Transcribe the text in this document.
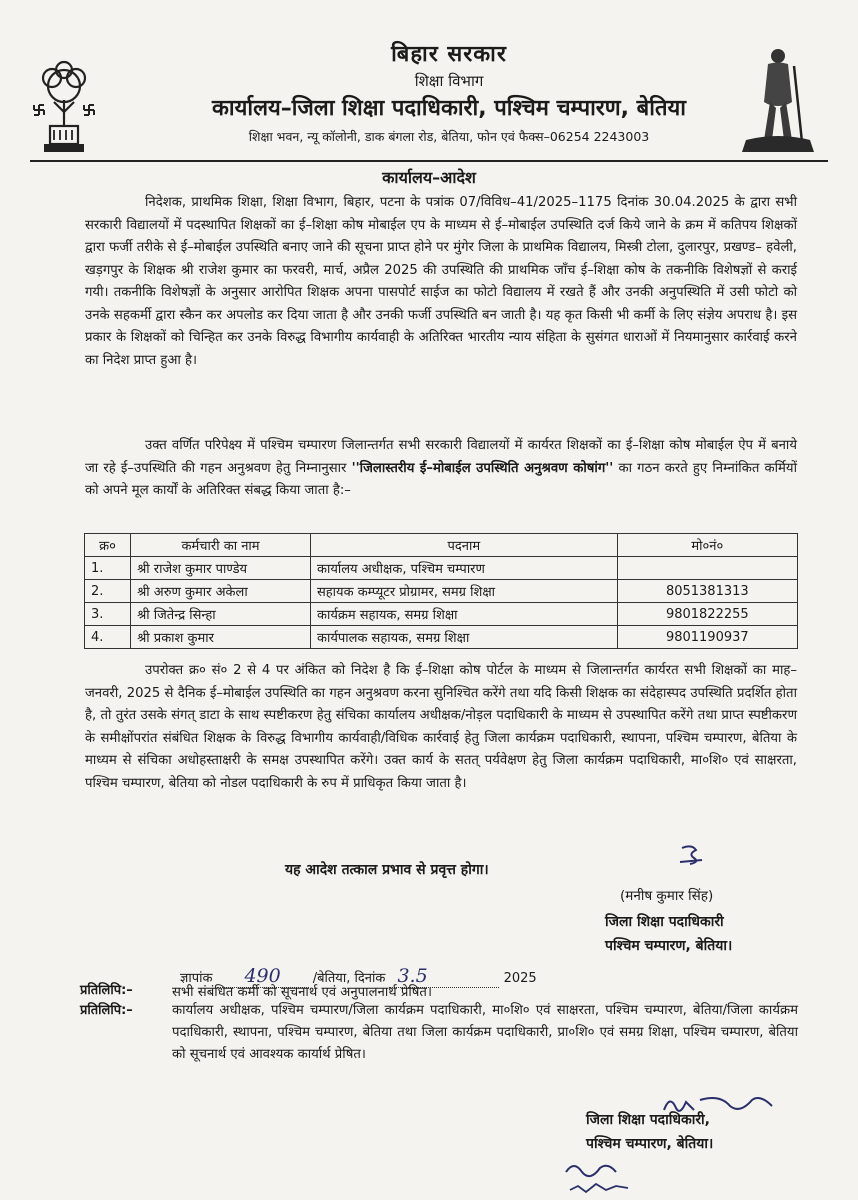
बिहार सरकार

शिक्षा विभाग

कार्यालय–जिला शिक्षा पदाधिकारी, पश्चिम चम्पारण, बेतिया

शिक्षा भवन, न्यू कॉलोनी, डाक बंगला रोड, बेतिया, फोन एवं फैक्स–06254 2243003

कार्यालय–आदेश

निदेशक, प्राथमिक शिक्षा, शिक्षा विभाग, बिहार, पटना के पत्रांक 07/विविध–41/2025–1175 दिनांक 30.04.2025 के द्वारा सभी सरकारी विद्यालयों में पदस्थापित शिक्षकों का ई–शिक्षा कोष मोबाईल एप के माध्यम से ई–मोबाईल उपस्थिति दर्ज किये जाने के क्रम में कतिपय शिक्षकों द्वारा फर्जी तरीके से ई–मोबाईल उपस्थिति बनाए जाने की सूचना प्राप्त होने पर मुंगेर जिला के प्राथमिक विद्यालय, मिस्त्री टोला, दुलारपुर, प्रखण्ड– हवेली, खड़गपुर के शिक्षक श्री राजेश कुमार का फरवरी, मार्च, अप्रैल 2025 की उपस्थिति की प्राथमिक जाँच ई–शिक्षा कोष के तकनीकि विशेषज्ञों से कराई गयी। तकनीकि विशेषज्ञों के अनुसार आरोपित शिक्षक अपना पासपोर्ट साईज का फोटो विद्यालय में रखते हैं और उनकी अनुपस्थिति में उसी फोटो को उनके सहकर्मी द्वारा स्कैन कर अपलोड कर दिया जाता है और उनकी फर्जी उपस्थिति बन जाती है। यह कृत किसी भी कर्मी के लिए संज्ञेय अपराध है। इस प्रकार के शिक्षकों को चिन्हित कर उनके विरुद्ध विभागीय कार्यवाही के अतिरिक्त भारतीय न्याय संहिता के सुसंगत धाराओं में नियमानुसार कार्रवाई करने का निदेश प्राप्त हुआ है।

उक्त वर्णित परिपेक्ष्य में पश्चिम चम्पारण जिलान्तर्गत सभी सरकारी विद्यालयों में कार्यरत शिक्षकों का ई–शिक्षा कोष मोबाईल ऐप में बनाये जा रहे ई–उपस्थिति की गहन अनुश्रवण हेतु निम्नानुसार ''जिलास्तरीय ई–मोबाईल उपस्थिति अनुश्रवण कोषांग'' का गठन करते हुए निम्नांकित कर्मियों को अपने मूल कार्यों के अतिरिक्त संबद्ध किया जाता है:–

क्र०	कर्मचारी का नाम	पदनाम	मो०नं०
1.	श्री राजेश कुमार पाण्डेय	कार्यालय अधीक्षक, पश्चिम चम्पारण	
2.	श्री अरुण कुमार अकेला	सहायक कम्प्यूटर प्रोग्रामर, समग्र शिक्षा	8051381313
3.	श्री जितेन्द्र सिन्हा	कार्यक्रम सहायक, समग्र शिक्षा	9801822255
4.	श्री प्रकाश कुमार	कार्यपालक सहायक, समग्र शिक्षा	9801190937

उपरोक्त क्र० सं० 2 से 4 पर अंकित को निदेश है कि ई–शिक्षा कोष पोर्टल के माध्यम से जिलान्तर्गत कार्यरत सभी शिक्षकों का माह– जनवरी, 2025 से दैनिक ई–मोबाईल उपस्थिति का गहन अनुश्रवण करना सुनिश्चित करेंगे तथा यदि किसी शिक्षक का संदेहास्पद उपस्थिति प्रदर्शित होता है, तो तुरंत उसके संगत् डाटा के साथ स्पष्टीकरण हेतु संचिका कार्यालय अधीक्षक/नोड़ल पदाधिकारी के माध्यम से उपस्थापित करेंगे तथा प्राप्त स्पष्टीकरण के समीक्षोंपरांत संबंधित शिक्षक के विरुद्ध विभागीय कार्यवाही/विधिक कार्रवाई हेतु जिला कार्यक्रम पदाधिकारी, स्थापना, पश्चिम चम्पारण, बेतिया के माध्यम से संचिका अधोहस्ताक्षरी के समक्ष उपस्थापित करेंगे। उक्त कार्य के सतत् पर्यवेक्षण हेतु जिला कार्यक्रम पदाधिकारी, मा०शि० एवं साक्षरता, पश्चिम चम्पारण, बेतिया को नोडल पदाधिकारी के रुप में प्राधिकृत किया जाता है।

यह आदेश तत्काल प्रभाव से प्रवृत्त होगा।
(मनीष कुमार सिंह)
जिला शिक्षा पदाधिकारी
पश्चिम चम्पारण, बेतिया।
ज्ञापांक 490 /बेतिया, दिनांक 3.5	2025
प्रतिलिपि:–
प्रतिलिपि:–
सभी संबंधित कर्मी को सूचनार्थ एवं अनुपालनार्थ प्रेषित।
कार्यालय अधीक्षक, पश्चिम चम्पारण/जिला कार्यक्रम पदाधिकारी, मा०शि० एवं साक्षरता, पश्चिम चम्पारण, बेतिया/जिला कार्यक्रम पदाधिकारी, स्थापना, पश्चिम चम्पारण, बेतिया तथा जिला कार्यक्रम पदाधिकारी, प्रा०शि० एवं समग्र शिक्षा, पश्चिम चम्पारण, बेतिया को सूचनार्थ एवं आवश्यक कार्यार्थ प्रेषित।
जिला शिक्षा पदाधिकारी,
पश्चिम चम्पारण, बेतिया।
